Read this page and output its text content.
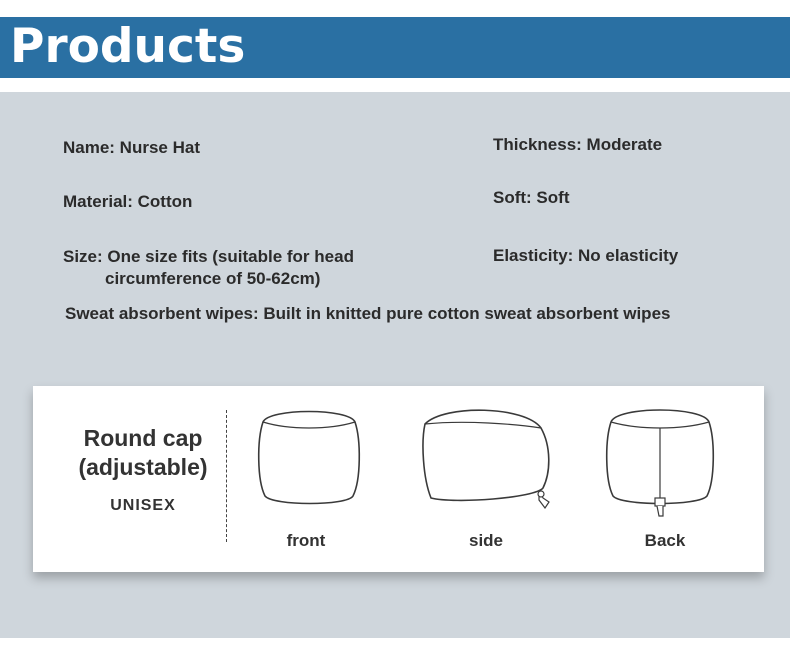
Products
Name: Nurse Hat
Material: Cotton
Size: One size fits (suitable for head
circumference of 50-62cm)
Thickness: Moderate
Soft: Soft
Elasticity: No elasticity
Sweat absorbent wipes: Built in knitted pure cotton sweat absorbent wipes
Round cap
(adjustable)
UNISEX
front	side	Back
